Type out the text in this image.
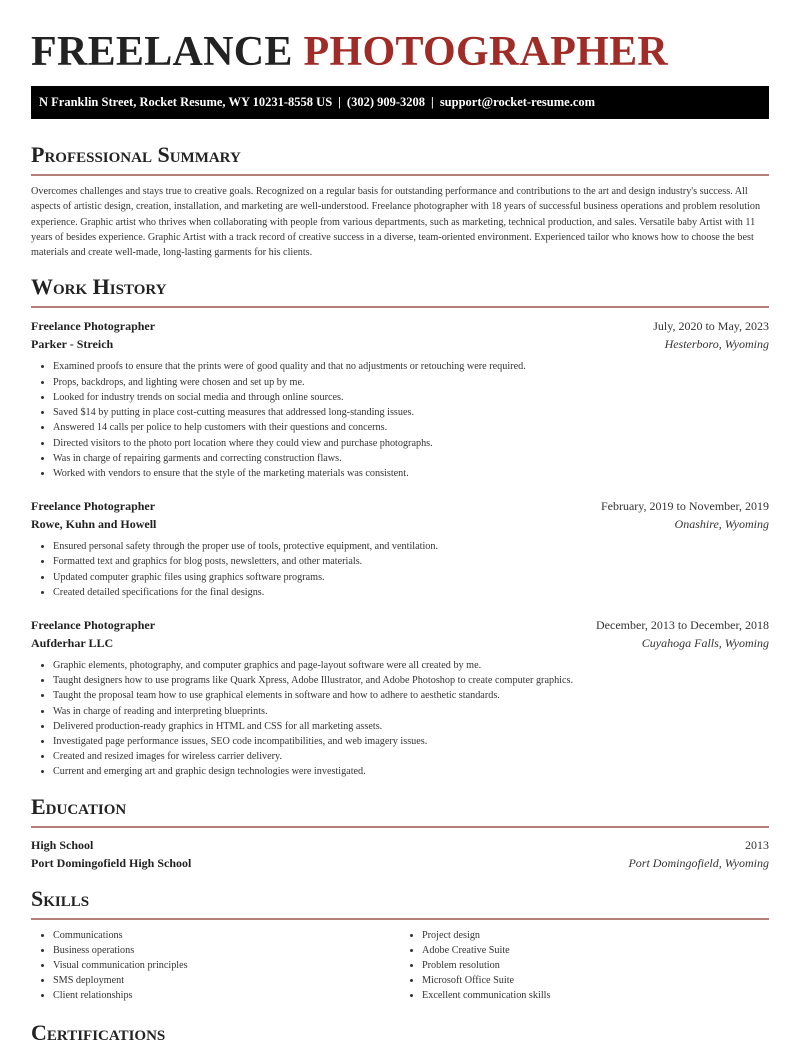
FREELANCE PHOTOGRAPHER
N Franklin Street, Rocket Resume, WY 10231-8558 US | (302) 909-3208 | support@rocket-resume.com
Professional Summary

Overcomes challenges and stays true to creative goals. Recognized on a regular basis for outstanding performance and contributions to the art and design industry's success. All aspects of artistic design, creation, installation, and marketing are well-understood. Freelance photographer with 18 years of successful business operations and problem resolution experience. Graphic artist who thrives when collaborating with people from various departments, such as marketing, technical production, and sales. Versatile baby Artist with 11 years of besides experience. Graphic Artist with a track record of creative success in a diverse, team-oriented environment. Experienced tailor who knows how to choose the best materials and create well-made, long-lasting garments for his clients.

Work History
Freelance Photographer	July, 2020 to May, 2023
Parker - Streich	Hesterboro, Wyoming
• Examined proofs to ensure that the prints were of good quality and that no adjustments or retouching were required.
• Props, backdrops, and lighting were chosen and set up by me.
• Looked for industry trends on social media and through online sources.
• Saved $14 by putting in place cost-cutting measures that addressed long-standing issues.
• Answered 14 calls per police to help customers with their questions and concerns.
• Directed visitors to the photo port location where they could view and purchase photographs.
• Was in charge of repairing garments and correcting construction flaws.
• Worked with vendors to ensure that the style of the marketing materials was consistent.
Freelance Photographer	February, 2019 to November, 2019
Rowe, Kuhn and Howell	Onashire, Wyoming
• Ensured personal safety through the proper use of tools, protective equipment, and ventilation.
• Formatted text and graphics for blog posts, newsletters, and other materials.
• Updated computer graphic files using graphics software programs.
• Created detailed specifications for the final designs.
Freelance Photographer	December, 2013 to December, 2018
Aufderhar LLC	Cuyahoga Falls, Wyoming
• Graphic elements, photography, and computer graphics and page-layout software were all created by me.
• Taught designers how to use programs like Quark Xpress, Adobe Illustrator, and Adobe Photoshop to create computer graphics.
• Taught the proposal team how to use graphical elements in software and how to adhere to aesthetic standards.
• Was in charge of reading and interpreting blueprints.
• Delivered production-ready graphics in HTML and CSS for all marketing assets.
• Investigated page performance issues, SEO code incompatibilities, and web imagery issues.
• Created and resized images for wireless carrier delivery.
• Current and emerging art and graphic design technologies were investigated.
Education
High School	2013
Port Domingofield High School	Port Domingofield, Wyoming
Skills
• Communications
• Business operations
• Visual communication principles
• SMS deployment
• Client relationships
• Project design
• Adobe Creative Suite
• Problem resolution
• Microsoft Office Suite
• Excellent communication skills
Certifications
